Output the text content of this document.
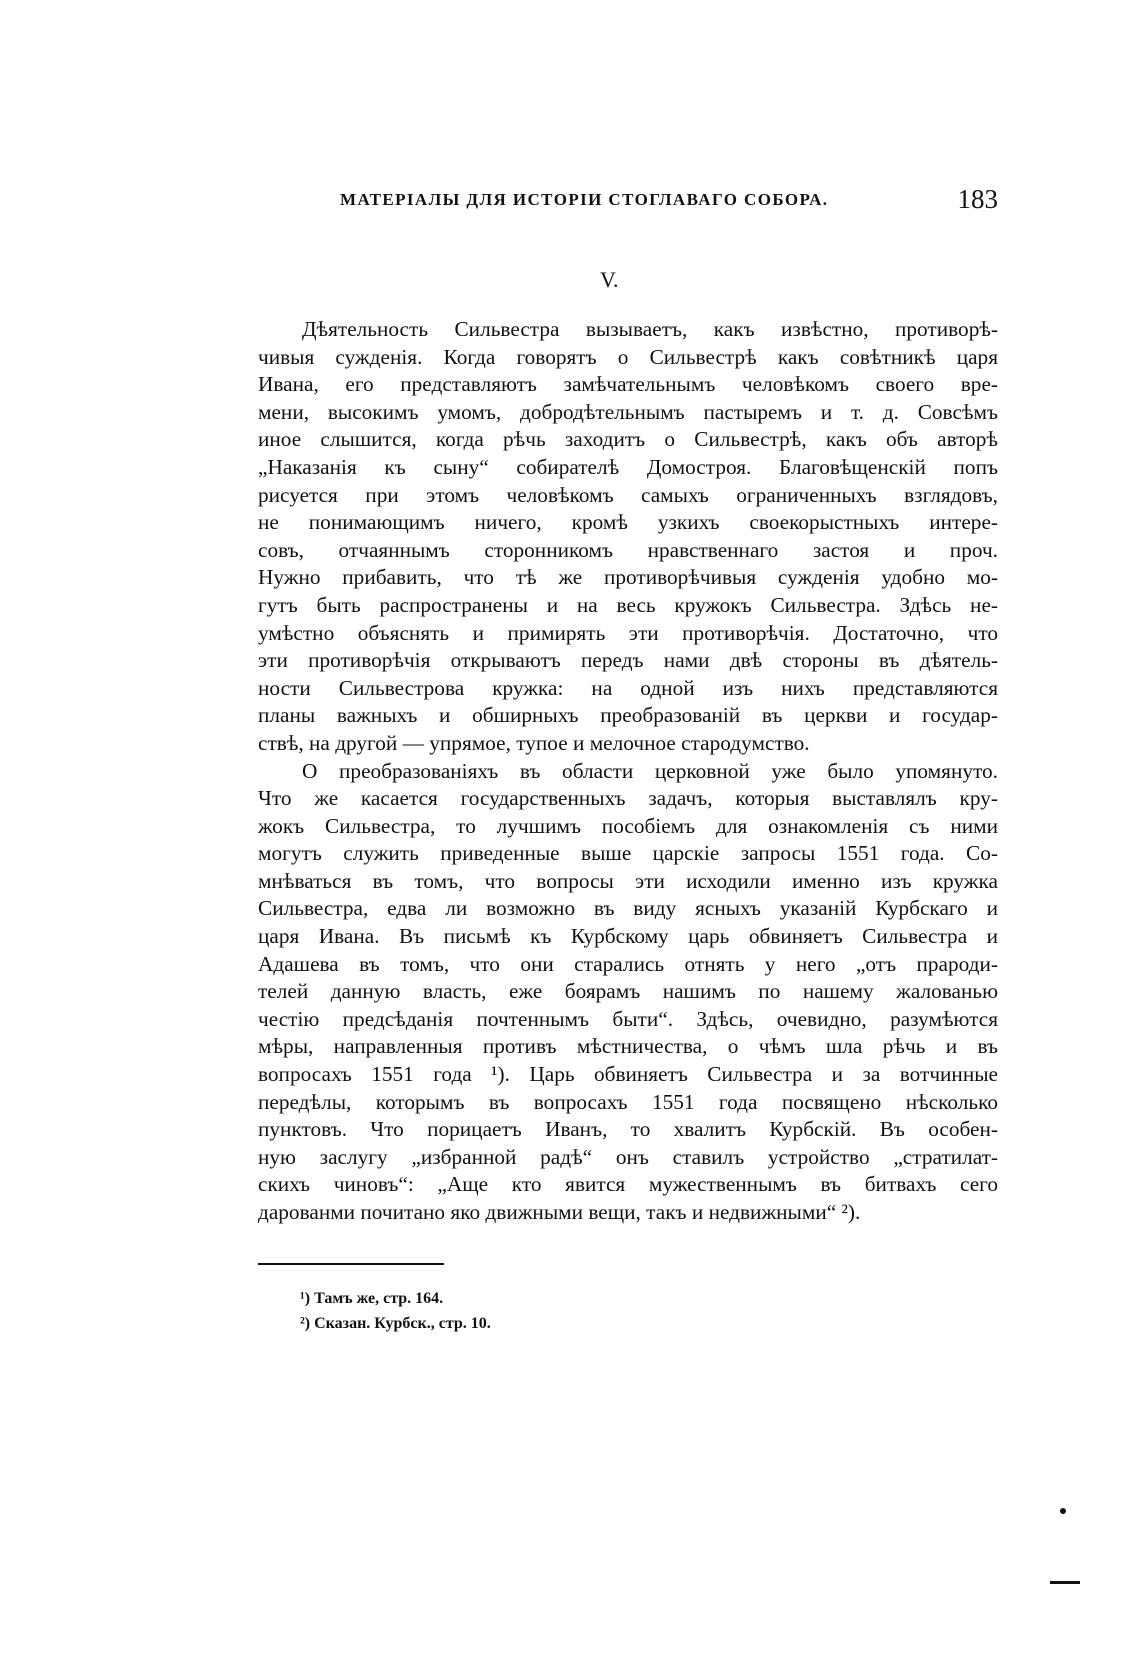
МАТЕРІАЛЫ ДЛЯ ИСТОРІИ СТОГЛАВАГО СОБОРА.	183
V.
Дѣятельность Сильвестра вызываетъ, какъ извѣстно, противорѣ-
чивыя сужденія. Когда говорятъ о Сильвестрѣ какъ совѣтникѣ царя
Ивана, его представляютъ замѣчательнымъ человѣкомъ своего вре-
мени, высокимъ умомъ, добродѣтельнымъ пастыремъ и т. д. Совсѣмъ
иное слышится, когда рѣчь заходитъ о Сильвестрѣ, какъ объ авторѣ
„Наказанія къ сыну“ собирателѣ Домостроя. Благовѣщенскій попъ
рисуется при этомъ человѣкомъ самыхъ ограниченныхъ взглядовъ,
не понимающимъ ничего, кромѣ узкихъ своекорыстныхъ интере-
совъ, отчаяннымъ сторонникомъ нравственнаго застоя и проч.
Нужно прибавить, что тѣ же противорѣчивыя сужденія удобно мо-
гутъ быть распространены и на весь кружокъ Сильвестра. Здѣсь не-
умѣстно объяснять и примирять эти противорѣчія. Достаточно, что
эти противорѣчія открываютъ передъ нами двѣ стороны въ дѣятель-
ности Сильвестрова кружка: на одной изъ нихъ представляются
планы важныхъ и обширныхъ преобразованій въ церкви и государ-
ствѣ, на другой — упрямое, тупое и мелочное стародумство.
О преобразованіяхъ въ области церковной уже было упомянуто.
Что же касается государственныхъ задачъ, которыя выставлялъ кру-
жокъ Сильвестра, то лучшимъ пособіемъ для ознакомленія съ ними
могутъ служить приведенные выше царскіе запросы 1551 года. Со-
мнѣваться въ томъ, что вопросы эти исходили именно изъ кружка
Сильвестра, едва ли возможно въ виду ясныхъ указаній Курбскаго и
царя Ивана. Въ письмѣ къ Курбскому царь обвиняетъ Сильвестра и
Адашева въ томъ, что они старались отнять у него „отъ прароди-
телей данную власть, еже боярамъ нашимъ по нашему жалованью
честію предсѣданія почтеннымъ быти“. Здѣсь, очевидно, разумѣются
мѣры, направленныя противъ мѣстничества, о чѣмъ шла рѣчь и въ
вопросахъ 1551 года ¹). Царь обвиняетъ Сильвестра и за вотчинные
передѣлы, которымъ въ вопросахъ 1551 года посвящено нѣсколько
пунктовъ. Что порицаетъ Иванъ, то хвалитъ Курбскій. Въ особен-
ную заслугу „избранной радѣ“ онъ ставилъ устройство „стратилат-
скихъ чиновъ“: „Аще кто явится мужественнымъ въ битвахъ сего
дарованми почитано яко движными вещи, такъ и недвижными“ ²).
¹) Тамъ же, стр. 164.
²) Сказан. Курбск., стр. 10.
